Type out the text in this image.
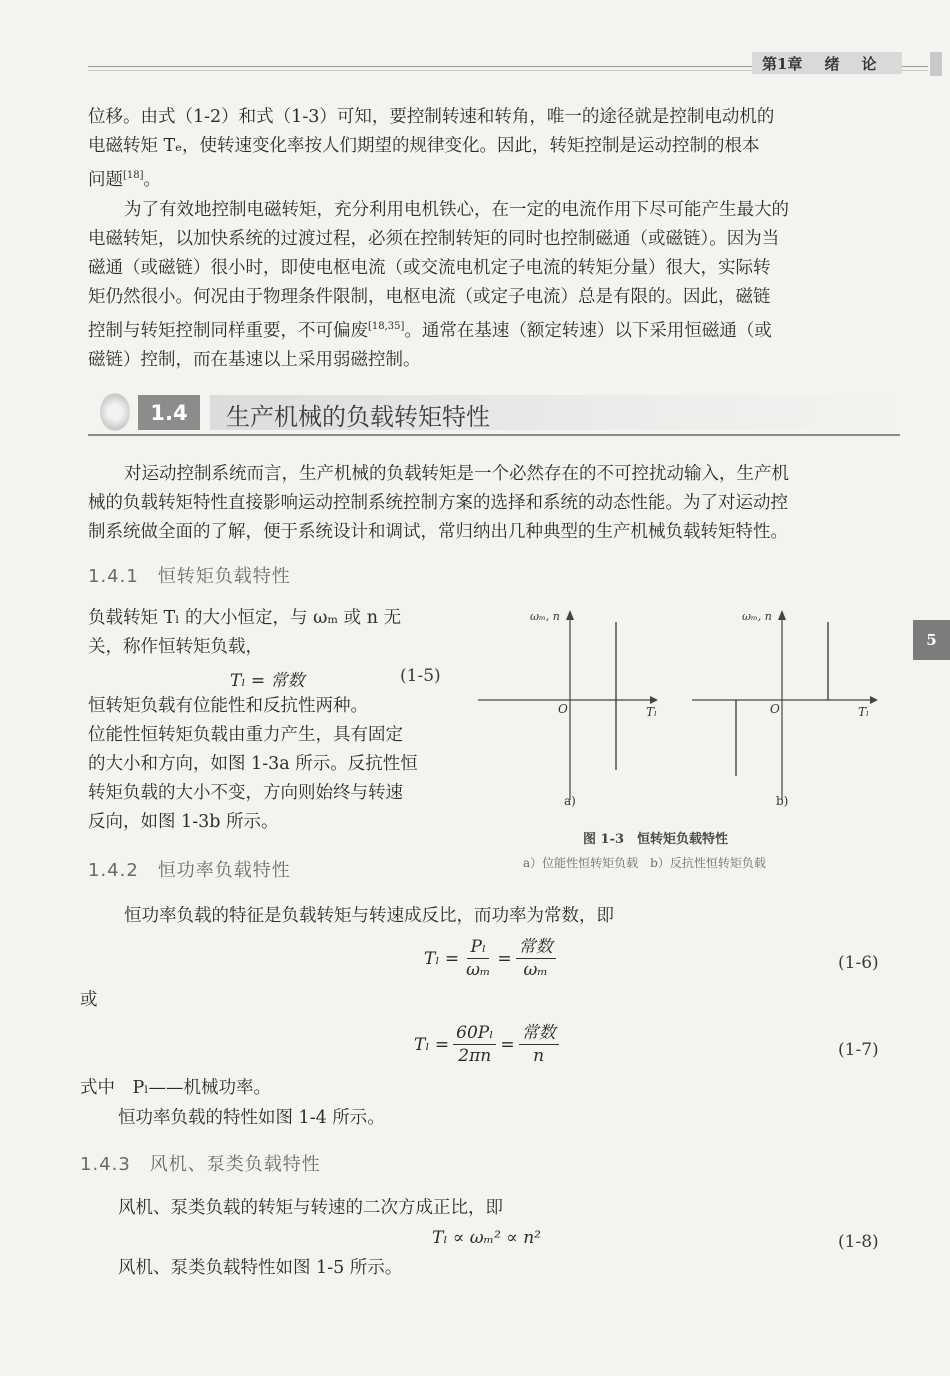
第1章 绪 论
5
位移。由式（1-2）和式（1-3）可知，要控制转速和转角，唯一的途径就是控制电动机的
电磁转矩 Tₑ，使转速变化率按人们期望的规律变化。因此，转矩控制是运动控制的根本
问题[18]。
为了有效地控制电磁转矩，充分利用电机铁心，在一定的电流作用下尽可能产生最大的
电磁转矩，以加快系统的过渡过程，必须在控制转矩的同时也控制磁通（或磁链）。因为当
磁通（或磁链）很小时，即使电枢电流（或交流电机定子电流的转矩分量）很大，实际转
矩仍然很小。何况由于物理条件限制，电枢电流（或定子电流）总是有限的。因此，磁链
控制与转矩控制同样重要，不可偏废[18,35]。通常在基速（额定转速）以下采用恒磁通（或
磁链）控制，而在基速以上采用弱磁控制。
1.4	生产机械的负载转矩特性
对运动控制系统而言，生产机械的负载转矩是一个必然存在的不可控扰动输入，生产机
械的负载转矩特性直接影响运动控制系统控制方案的选择和系统的动态性能。为了对运动控
制系统做全面的了解，便于系统设计和调试，常归纳出几种典型的生产机械负载转矩特性。
1.4.1　恒转矩负载特性
负载转矩 Tₗ 的大小恒定，与 ωₘ 或 n 无
关，称作恒转矩负载，
Tₗ = 常数	(1-5)
恒转矩负载有位能性和反抗性两种。
位能性恒转矩负载由重力产生，具有固定
的大小和方向，如图 1-3a 所示。反抗性恒
转矩负载的大小不变，方向则始终与转速
反向，如图 1-3b 所示。
ωₘ, n
O	Tₗ
a)
ωₘ, n
O	Tₗ
b)
图 1-3　恒转矩负载特性
a）位能性恒转矩负载　b）反抗性恒转矩负载
1.4.2　恒功率负载特性
恒功率负载的特征是负载转矩与转速成反比，而功率为常数，即
$T_l = \frac{\text{Pₗ}}{\text{ωₘ}} = \frac{\text{常数}}{\text{ωₘ}}$	(1-6)
或
$T_l = \frac{\text{60Pₗ}}{2\pi n} = \frac{\text{常数}}{n}$	(1-7)
式中　Pₗ——机械功率。
恒功率负载的特性如图 1-4 所示。
1.4.3　风机、泵类负载特性
风机、泵类负载的转矩与转速的二次方成正比，即
Tₗ ∝ ωₘ² ∝ n²	(1-8)
风机、泵类负载特性如图 1-5 所示。
